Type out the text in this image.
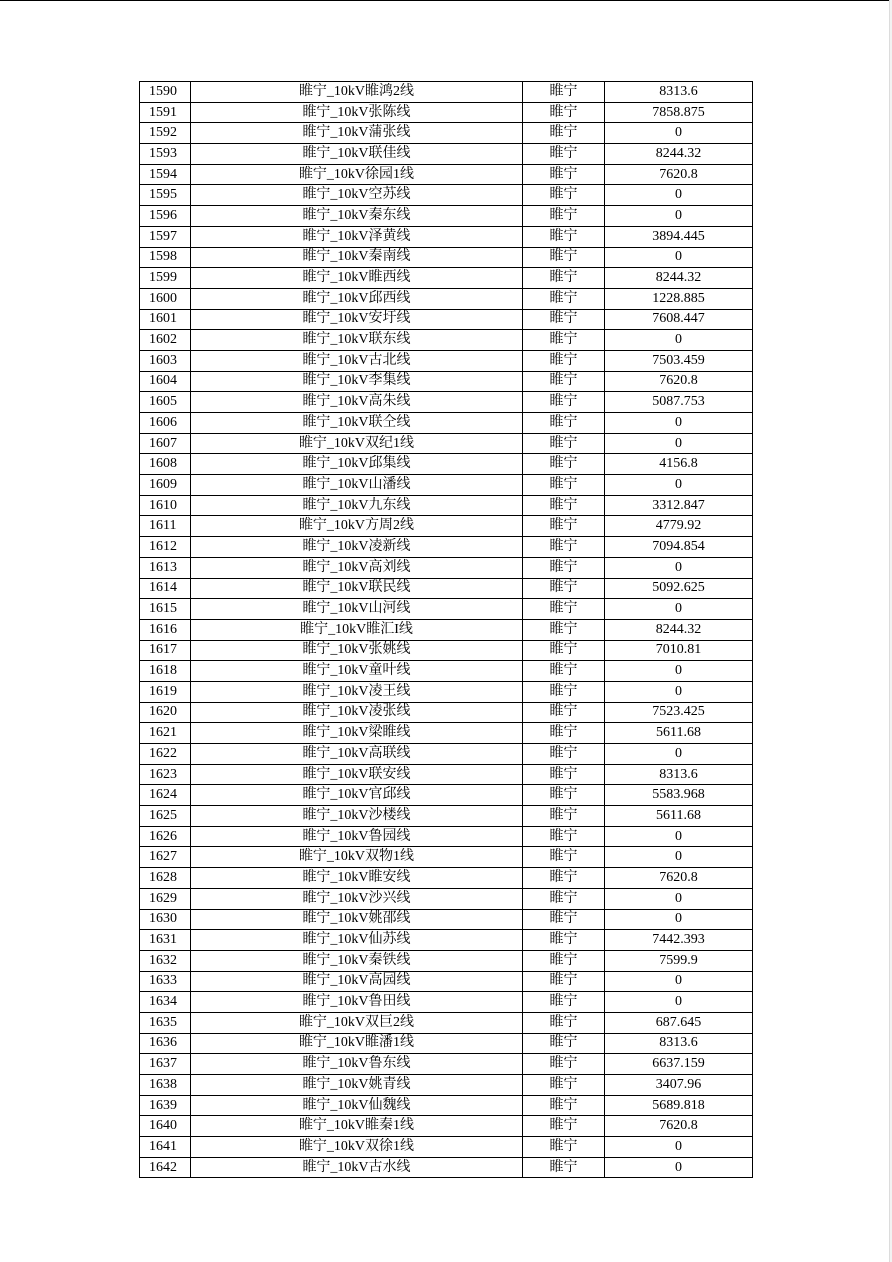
1590	睢宁_10kV睢鸿2线	睢宁	8313.6
1591	睢宁_10kV张陈线	睢宁	7858.875
1592	睢宁_10kV蒲张线	睢宁	0
1593	睢宁_10kV联佳线	睢宁	8244.32
1594	睢宁_10kV徐园1线	睢宁	7620.8
1595	睢宁_10kV空苏线	睢宁	0
1596	睢宁_10kV秦东线	睢宁	0
1597	睢宁_10kV泽黄线	睢宁	3894.445
1598	睢宁_10kV秦南线	睢宁	0
1599	睢宁_10kV睢西线	睢宁	8244.32
1600	睢宁_10kV邱西线	睢宁	1228.885
1601	睢宁_10kV安圩线	睢宁	7608.447
1602	睢宁_10kV联东线	睢宁	0
1603	睢宁_10kV古北线	睢宁	7503.459
1604	睢宁_10kV李集线	睢宁	7620.8
1605	睢宁_10kV高朱线	睢宁	5087.753
1606	睢宁_10kV联仝线	睢宁	0
1607	睢宁_10kV双纪1线	睢宁	0
1608	睢宁_10kV邱集线	睢宁	4156.8
1609	睢宁_10kV山潘线	睢宁	0
1610	睢宁_10kV九东线	睢宁	3312.847
1611	睢宁_10kV方周2线	睢宁	4779.92
1612	睢宁_10kV凌新线	睢宁	7094.854
1613	睢宁_10kV高刘线	睢宁	0
1614	睢宁_10kV联民线	睢宁	5092.625
1615	睢宁_10kV山河线	睢宁	0
1616	睢宁_10kV睢汇I线	睢宁	8244.32
1617	睢宁_10kV张姚线	睢宁	7010.81
1618	睢宁_10kV童叶线	睢宁	0
1619	睢宁_10kV凌王线	睢宁	0
1620	睢宁_10kV凌张线	睢宁	7523.425
1621	睢宁_10kV梁睢线	睢宁	5611.68
1622	睢宁_10kV高联线	睢宁	0
1623	睢宁_10kV联安线	睢宁	8313.6
1624	睢宁_10kV官邱线	睢宁	5583.968
1625	睢宁_10kV沙楼线	睢宁	5611.68
1626	睢宁_10kV鲁园线	睢宁	0
1627	睢宁_10kV双物1线	睢宁	0
1628	睢宁_10kV睢安线	睢宁	7620.8
1629	睢宁_10kV沙兴线	睢宁	0
1630	睢宁_10kV姚邵线	睢宁	0
1631	睢宁_10kV仙苏线	睢宁	7442.393
1632	睢宁_10kV秦铁线	睢宁	7599.9
1633	睢宁_10kV高园线	睢宁	0
1634	睢宁_10kV鲁田线	睢宁	0
1635	睢宁_10kV双巨2线	睢宁	687.645
1636	睢宁_10kV睢潘1线	睢宁	8313.6
1637	睢宁_10kV鲁东线	睢宁	6637.159
1638	睢宁_10kV姚青线	睢宁	3407.96
1639	睢宁_10kV仙魏线	睢宁	5689.818
1640	睢宁_10kV睢秦1线	睢宁	7620.8
1641	睢宁_10kV双徐1线	睢宁	0
1642	睢宁_10kV古水线	睢宁	0
